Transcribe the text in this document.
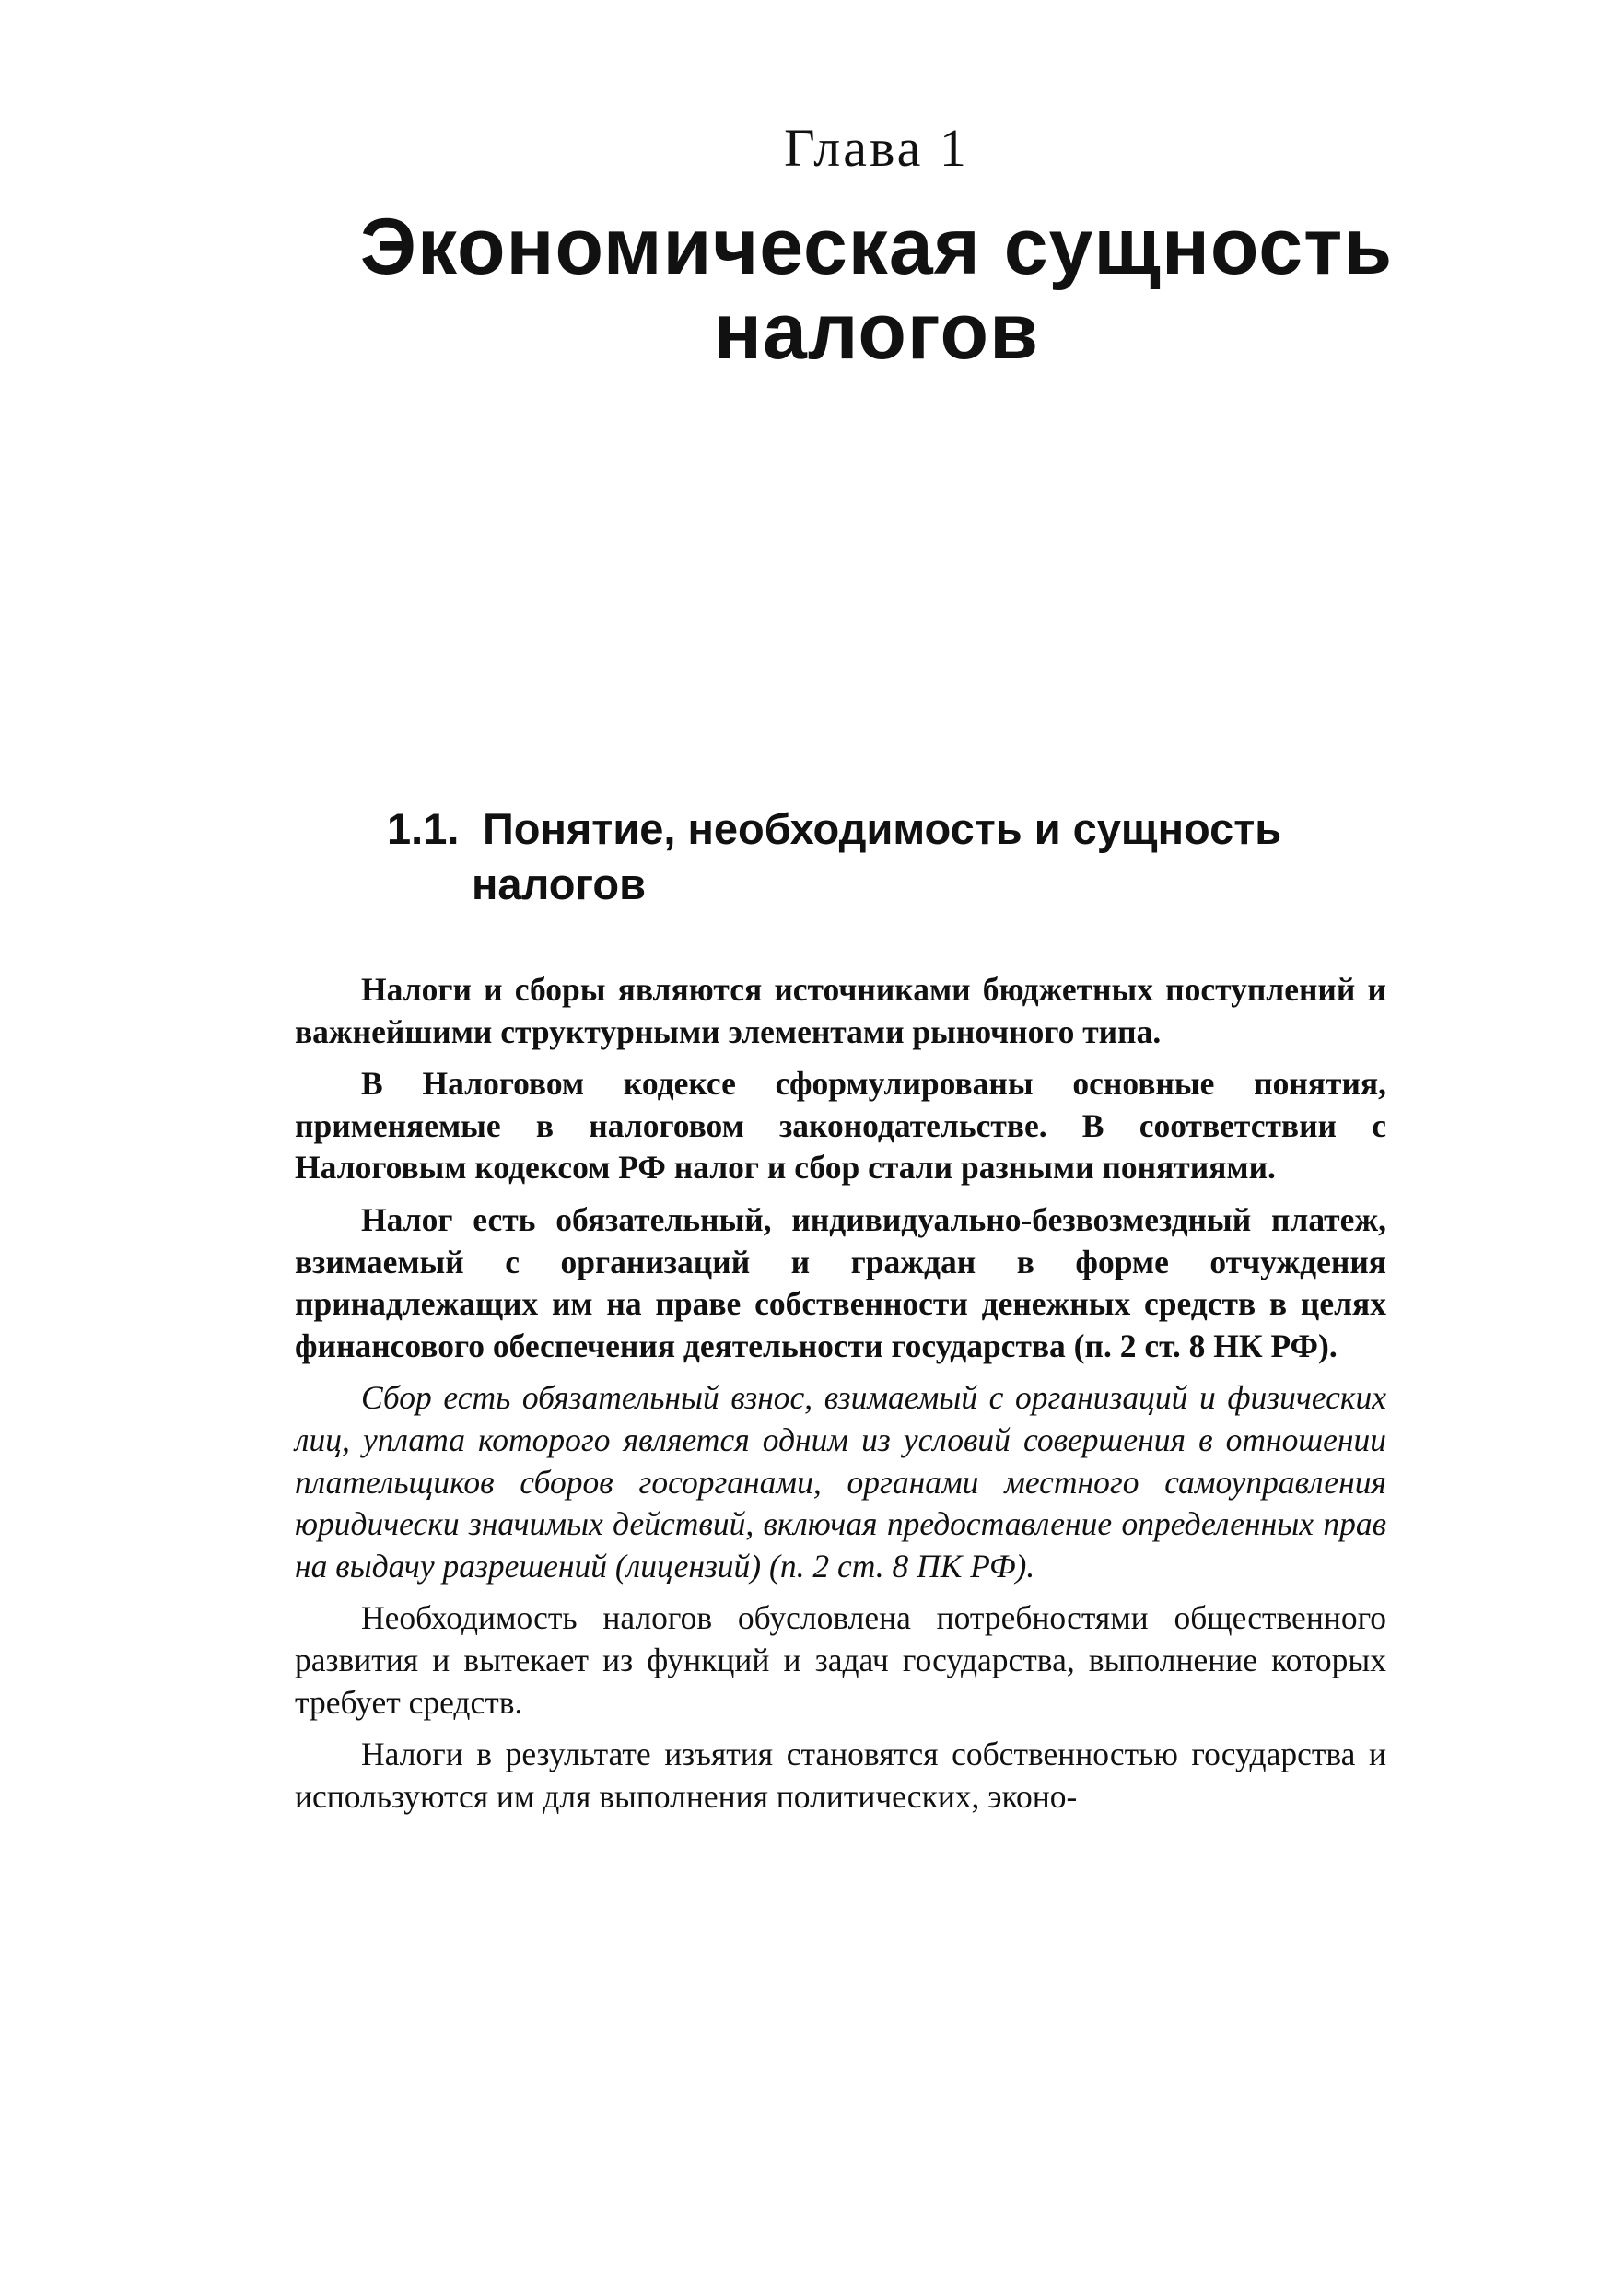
Глава 1
Экономическая сущность
налогов
1.1. Понятие, необходимость и сущность
налогов

Налоги и сборы являются источниками бюджетных поступлений и важнейшими структурными элементами рыночного типа.

В Налоговом кодексе сформулированы основные понятия, применяемые в налоговом законодательстве. В соответствии с Налоговым кодексом РФ налог и сбор стали разными понятиями.

Налог есть обязательный, индивидуально-безвозмездный платеж, взимаемый с организаций и граждан в форме отчуждения принадлежащих им на праве собственности денежных средств в целях финансового обеспечения деятельности государства (п. 2 ст. 8 НК РФ).

Сбор есть обязательный взнос, взимаемый с организаций и физических лиц, уплата которого является одним из условий совершения в отношении плательщиков сборов госорганами, органами местного самоуправления юридически значимых действий, включая предоставление определенных прав на выдачу разрешений (лицензий) (п. 2 ст. 8 ПК РФ).

Необходимость налогов обусловлена потребностями общественного развития и вытекает из функций и задач государства, выполнение которых требует средств.

Налоги в результате изъятия становятся собственностью государства и используются им для выполнения политических, эконо-
